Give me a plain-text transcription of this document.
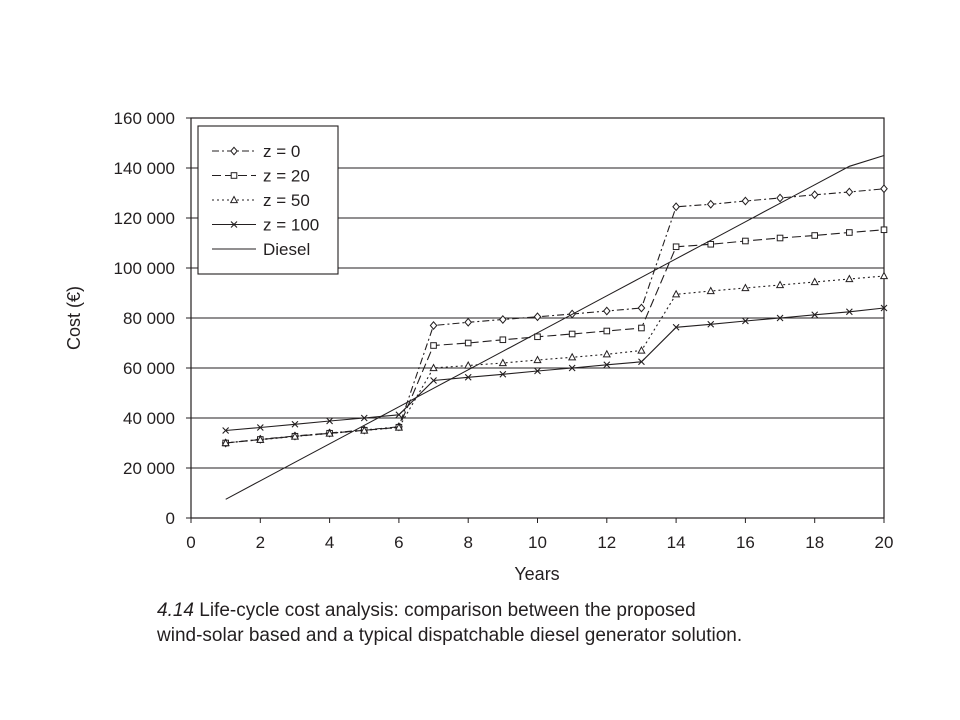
0
20 000
40 000
60 000
80 000
100 000
120 000
140 000
160 000
0	2	4	6	8	10	12	14	16	18	20
Years
Cost (€)
z = 0
z = 20
z = 50
z = 100
Diesel
4.14 Life-cycle cost analysis: comparison between the proposed
wind-solar based and a typical dispatchable diesel generator solution.
